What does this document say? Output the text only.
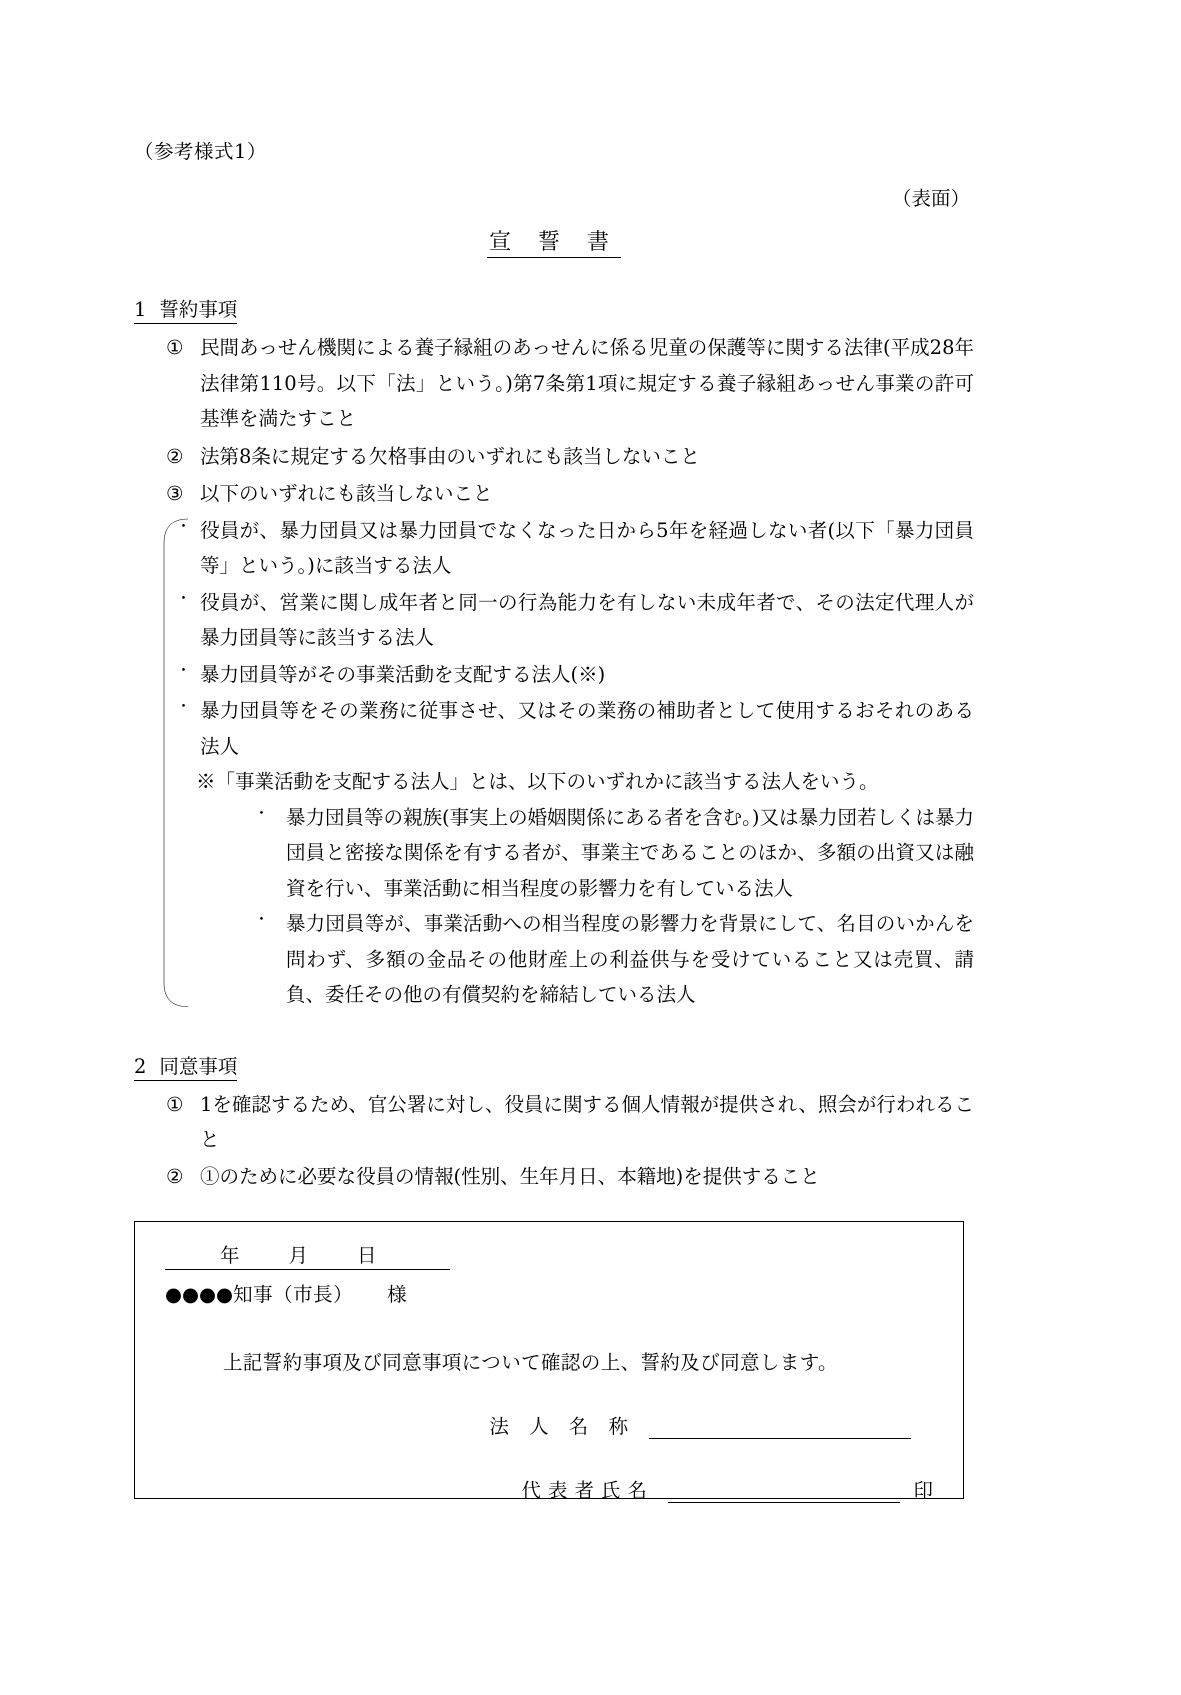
（参考様式1）
（表面）
宣 誓 書
1 誓約事項
① 民間あっせん機関による養子縁組のあっせんに係る児童の保護等に関する法律(平成28年法律第110号。以下「法」という。)第7条第1項に規定する養子縁組あっせん事業の許可基準を満たすこと
② 法第8条に規定する欠格事由のいずれにも該当しないこと
③ 以下のいずれにも該当しないこと
・ 役員が、暴力団員又は暴力団員でなくなった日から5年を経過しない者(以下「暴力団員等」という。)に該当する法人
・ 役員が、営業に関し成年者と同一の行為能力を有しない未成年者で、その法定代理人が暴力団員等に該当する法人
・ 暴力団員等がその事業活動を支配する法人(※)
・ 暴力団員等をその業務に従事させ、又はその業務の補助者として使用するおそれのある法人
※「事業活動を支配する法人」とは、以下のいずれかに該当する法人をいう。
・ 暴力団員等の親族(事実上の婚姻関係にある者を含む。)又は暴力団若しくは暴力団員と密接な関係を有する者が、事業主であることのほか、多額の出資又は融資を行い、事業活動に相当程度の影響力を有している法人
・ 暴力団員等が、事業活動への相当程度の影響力を背景にして、名目のいかんを問わず、多額の金品その他財産上の利益供与を受けていること又は売買、請負、委任その他の有償契約を締結している法人
2 同意事項
① 1を確認するため、官公署に対し、役員に関する個人情報が提供され、照会が行われること
② ①のために必要な役員の情報(性別、生年月日、本籍地)を提供すること
年 月 日
●●●●知事（市長） 様
上記誓約事項及び同意事項について確認の上、誓約及び同意します。
法 人 名 称
代表者氏名	印
